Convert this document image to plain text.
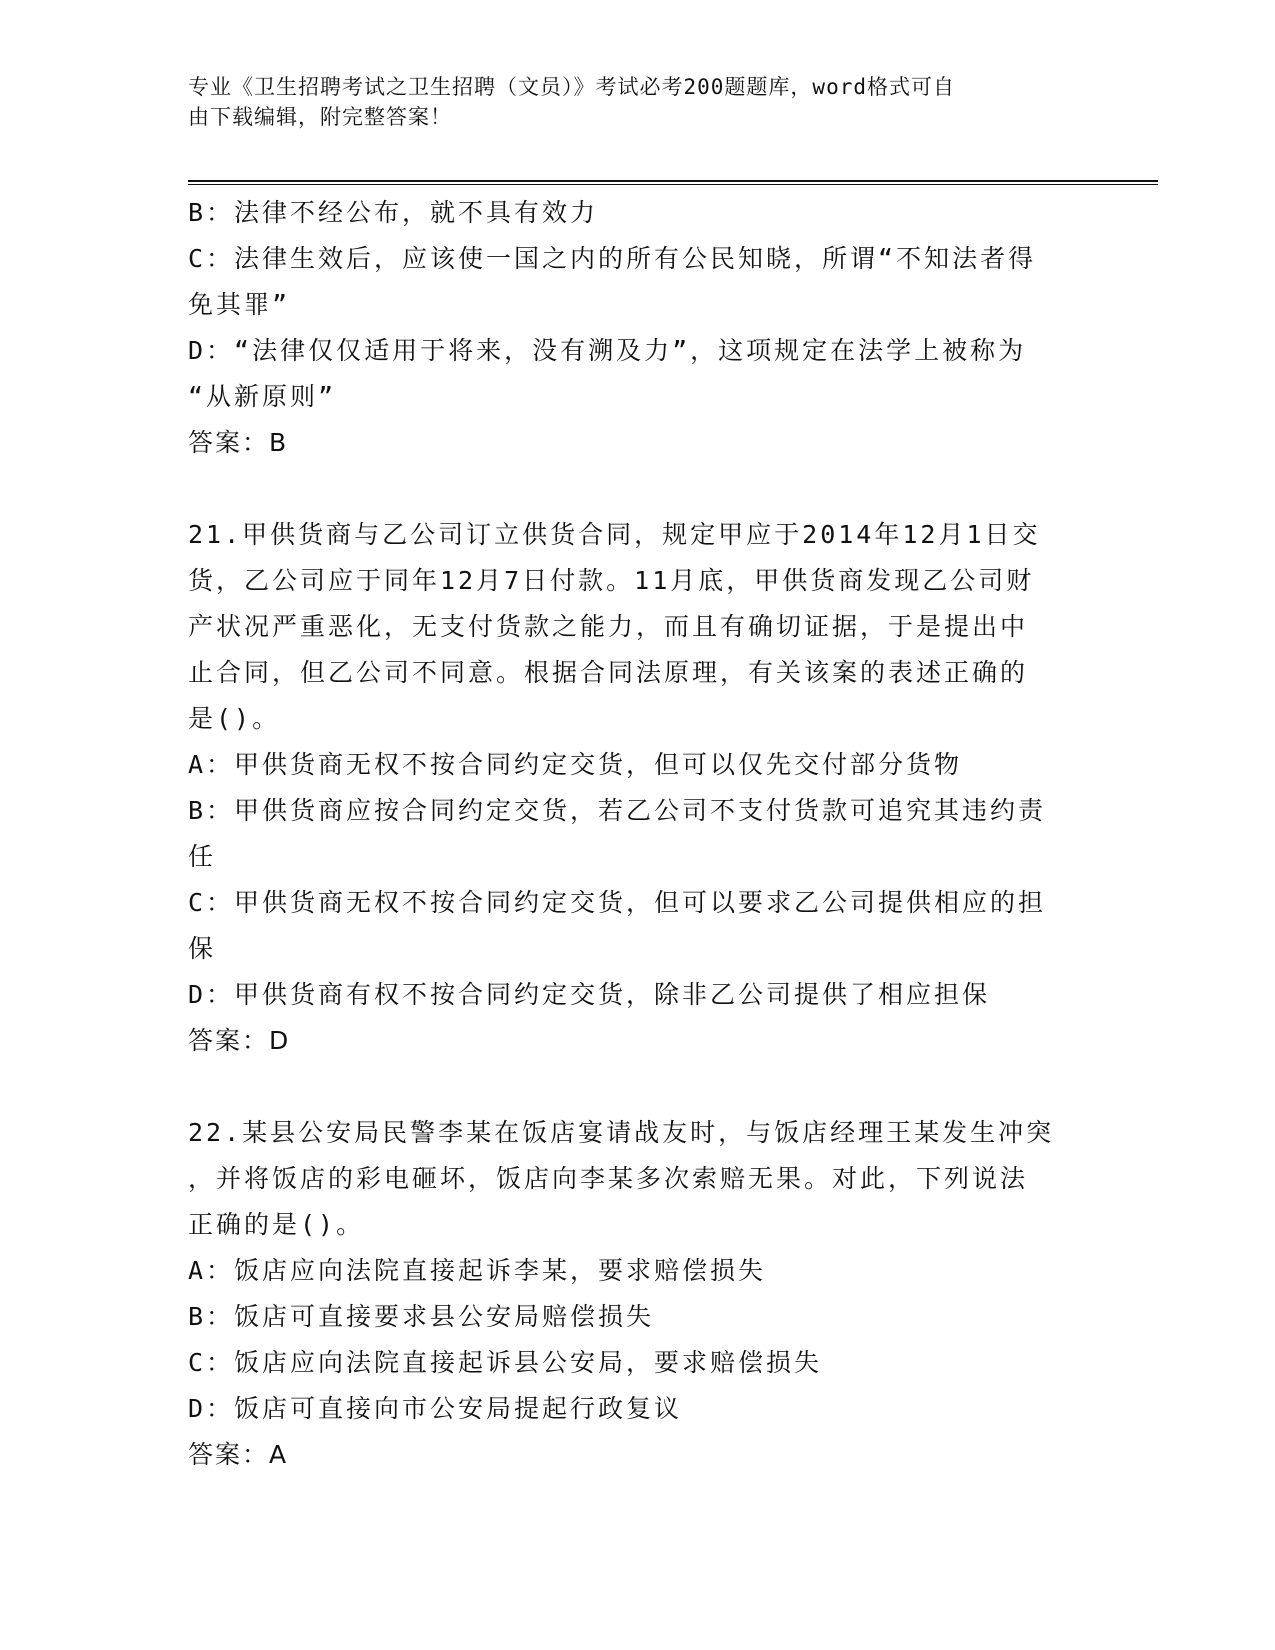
专业《卫生招聘考试之卫生招聘（文员）》考试必考200题题库，word格式可自
由下载编辑，附完整答案！
B：法律不经公布，就不具有效力
C：法律生效后，应该使一国之内的所有公民知晓，所谓“不知法者得
免其罪”
D：“法律仅仅适用于将来，没有溯及力”，这项规定在法学上被称为
“从新原则”
答案：B
21.甲供货商与乙公司订立供货合同，规定甲应于2014年12月1日交
货，乙公司应于同年12月7日付款。11月底，甲供货商发现乙公司财
产状况严重恶化，无支付货款之能力，而且有确切证据，于是提出中
止合同，但乙公司不同意。根据合同法原理，有关该案的表述正确的
是()。
A：甲供货商无权不按合同约定交货，但可以仅先交付部分货物
B：甲供货商应按合同约定交货，若乙公司不支付货款可追究其违约责
任
C：甲供货商无权不按合同约定交货，但可以要求乙公司提供相应的担
保
D：甲供货商有权不按合同约定交货，除非乙公司提供了相应担保
答案：D
22.某县公安局民警李某在饭店宴请战友时，与饭店经理王某发生冲突
，并将饭店的彩电砸坏，饭店向李某多次索赔无果。对此，下列说法
正确的是()。
A：饭店应向法院直接起诉李某，要求赔偿损失
B：饭店可直接要求县公安局赔偿损失
C：饭店应向法院直接起诉县公安局，要求赔偿损失
D：饭店可直接向市公安局提起行政复议
答案：A
